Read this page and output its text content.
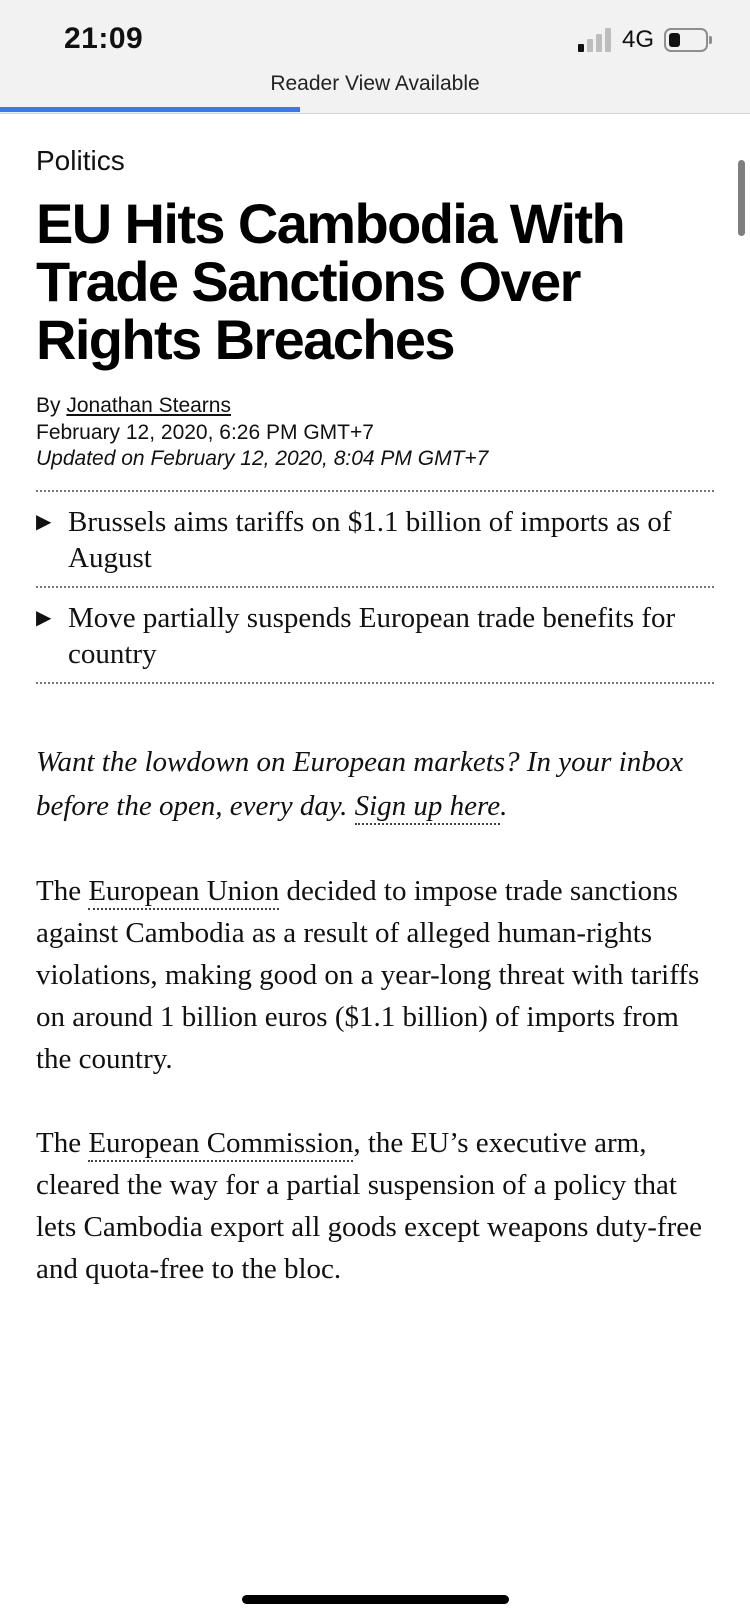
21:09	4G
Reader View Available
Politics
EU Hits Cambodia With Trade Sanctions Over Rights Breaches
By Jonathan Stearns
February 12, 2020, 6:26 PM GMT+7
Updated on February 12, 2020, 8:04 PM GMT+7
▶ Brussels aims tariffs on $1.1 billion of imports as of August
▶ Move partially suspends European trade benefits for country
Want the lowdown on European markets? In your inbox before the open, every day. Sign up here.
The European Union decided to impose trade sanctions against Cambodia as a result of alleged human-rights violations, making good on a year-long threat with tariffs on around 1 billion euros ($1.1 billion) of imports from the country.
The European Commission, the EU’s executive arm, cleared the way for a partial suspension of a policy that lets Cambodia export all goods except weapons duty-free and quota-free to the bloc.
